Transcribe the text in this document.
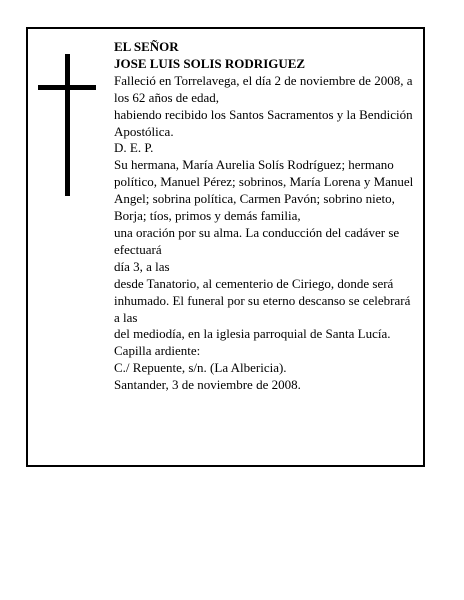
EL SEÑOR
JOSE LUIS SOLIS RODRIGUEZ
Falleció en Torrelavega, el día 2 de noviembre de 2008, a los 62 años de edad,
habiendo recibido los Santos Sacramentos y la Bendición Apostólica.
D. E. P.
Su hermana, María Aurelia Solís Rodríguez; hermano político, Manuel Pérez; sobrinos, María Lorena y Manuel Angel; sobrina política, Carmen Pavón; sobrino nieto, Borja; tíos, primos y demás familia,
una oración por su alma. La conducción del cadáver se efectuará
día 3, a las
desde Tanatorio, al cementerio de Ciriego, donde será inhumado. El funeral por su eterno descanso se celebrará
a las
del mediodía, en la iglesia parroquial de Santa Lucía.
Capilla ardiente:
C./ Repuente, s/n. (La Albericia).
Santander, 3 de noviembre de 2008.
